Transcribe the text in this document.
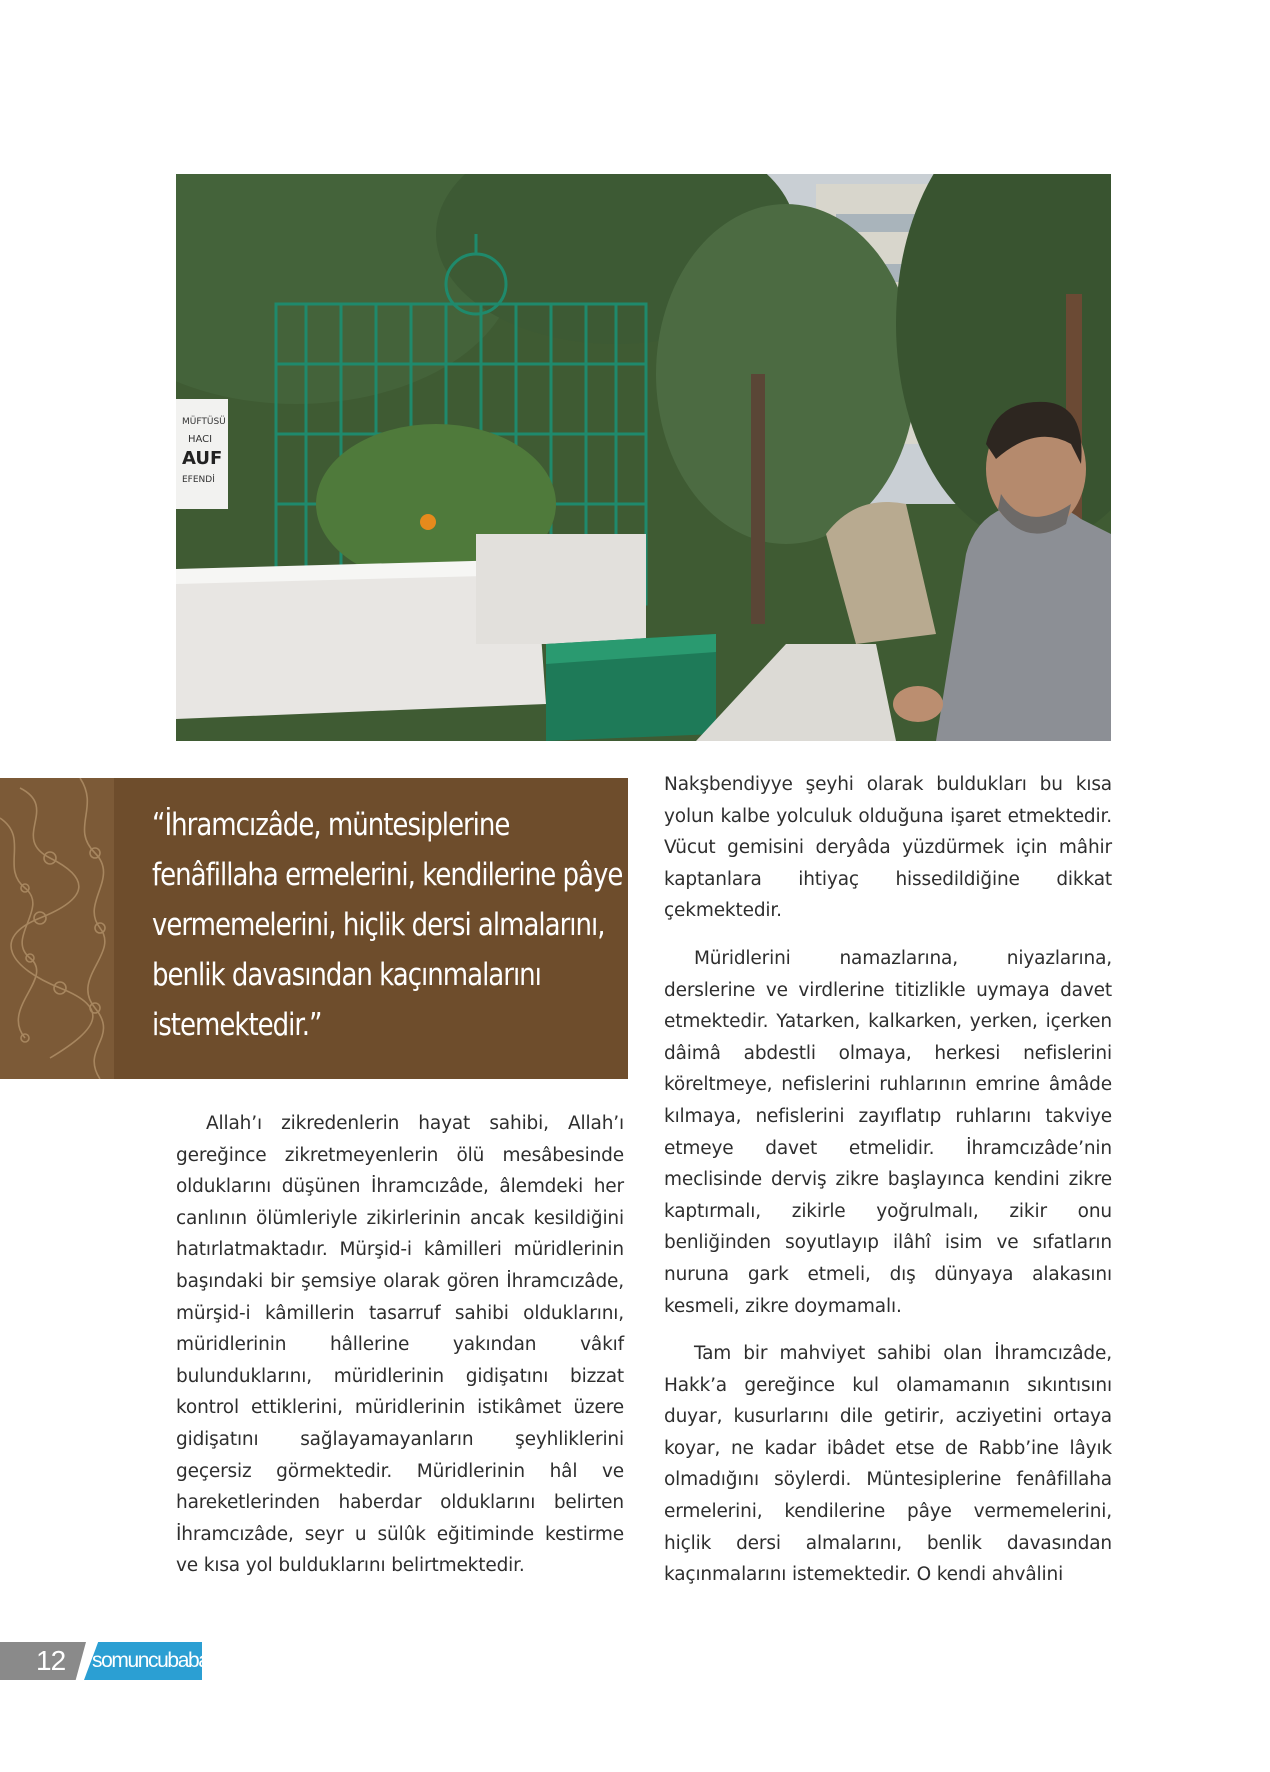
MÜFTÜSÜ
HACI
AUF
EFENDİ
“İhramcızâde, müntesiplerine fenâfillaha ermelerini, kendilerine pâye vermemelerini, hiçlik dersi almalarını, benlik davasından kaçınmalarını istemektedir.”

Allah’ı zikredenlerin hayat sahibi, Allah’ı gereğince zikretmeyenlerin ölü mesâbesinde olduklarını düşünen İhramcızâde, âlemdeki her canlının ölümleriyle zikirlerinin ancak kesildiğini hatırlatmaktadır. Mürşid-i kâmilleri müridlerinin başındaki bir şemsiye olarak gören İhramcızâde, mürşid-i kâmillerin tasarruf sahibi olduklarını, müridlerinin hâllerine yakından vâkıf bulunduklarını, müridlerinin gidişatını bizzat kontrol ettiklerini, müridlerinin istikâmet üzere gidişatını sağlayamayanların şeyhliklerini geçersiz görmektedir. Müridlerinin hâl ve hareketlerinden haberdar olduklarını belirten İhramcızâde, seyr u sülûk eğitiminde kestirme ve kısa yol bulduklarını belirtmektedir.

Nakşbendiyye şeyhi olarak buldukları bu kısa yolun kalbe yolculuk olduğuna işaret etmektedir. Vücut gemisini deryâda yüzdürmek için mâhir kaptanlara ihtiyaç hissedildiğine dikkat çekmektedir.

Müridlerini namazlarına, niyazlarına, derslerine ve virdlerine titizlikle uymaya davet etmektedir. Yatarken, kalkarken, yerken, içerken dâimâ abdestli olmaya, herkesi nefislerini köreltmeye, nefislerini ruhlarının emrine âmâde kılmaya, nefislerini zayıflatıp ruhlarını takviye etmeye davet etmelidir. İhramcızâde’nin meclisinde derviş zikre başlayınca kendini zikre kaptırmalı, zikirle yoğrulmalı, zikir onu benliğinden soyutlayıp ilâhî isim ve sıfatların nuruna gark etmeli, dış dünyaya alakasını kesmeli, zikre doymamalı.

Tam bir mahviyet sahibi olan İhramcızâde, Hakk’a gereğince kul olamamanın sıkıntısını duyar, kusurlarını dile getirir, acziyetini ortaya koyar, ne kadar ibâdet etse de Rabb’ine lâyık olmadığını söylerdi. Müntesiplerine fenâfillaha ermelerini, kendilerine pâye vermemelerini, hiçlik dersi almalarını, benlik davasından kaçınmalarını istemektedir. O kendi ahvâlini

12 somuncubaba
